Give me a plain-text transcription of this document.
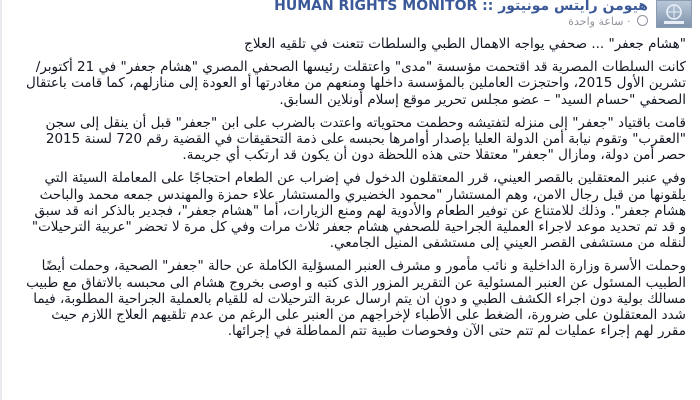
هيومن رايتس مونيتور :: HUMAN RIGHTS MONITOR
· ساعة واحدة

"هشام جعفر" ... صحفي يواجه الاهمال الطبي والسلطات تتعنت في تلقيه العلاج

كانت السلطات المصرية قد اقتحمت مؤسسة "مدى" واعتقلت رئيسها الصحفي المصري "هشام جعفر" في 21 أكتوبر/تشرين الأول 2015، واحتجزت العاملين بالمؤسسة داخلها ومنعهم من مغادرتها أو العودة إلى منازلهم، كما قامت باعتقال الصحفي "حسام السيد" – عضو مجلس تحرير موقع إسلام أونلاين السابق.

قامت باقتياد "جعفر" إلى منزله لتفتيشه وحطمت محتوياته واعتدت بالضرب على ابن "جعفر" قبل أن ينقل إلى سجن "العقرب" وتقوم نيابة أمن الدولة العليا بإصدار أوامرها بحبسه على ذمة التحقيقات في القضية رقم 720 لسنة 2015 حصر أمن دولة، ومازال "جعفر" معتقلا حتى هذه اللحظة دون أن يكون قد ارتكب أي جريمة.

وفي عنبر المعتقلين بالقصر العيني، قرر المعتقلون الدخول في إضراب عن الطعام احتجاجًا على المعاملة السيئة التي يلقونها من قبل رجال الامن، وهم المستشار "محمود الخضيري والمستشار علاء حمزة والمهندس جمعه محمد والباحث هشام جعفر". وذلك للامتناع عن توفير الطعام والأدوية لهم ومنع الزيارات، أما "هشام جعفر"، فجدير بالذكر انه قد سبق و قد تم تحديد موعد لاجراء العملية الجراحية للصحفي هشام جعفر ثلاث مرات وفي كل مرة لا تحضر "عربية الترحيلات" لنقله من مستشفى القصر العيني إلى مستشفى المنيل الجامعي.

وحملت الأسرة وزارة الداخلية و نائب مأمور و مشرف العنبر المسؤلية الكاملة عن حالة "جعفر" الصحية، وحملت أيضًا الطبيب المسئول عن العنبر المسئولية عن التقرير المزور الذى كتبه و اوصى بخروج هشام الى محبسه بالاتفاق مع طبيب مسالك بولية دون اجراء الكشف الطبي و دون ان يتم ارسال عربة الترحيلات له للقيام بالعملية الجراحية المطلوبة، فيما شدد المعتقلون على ضرورة، الضغط على الأطباء لإخراجهم من العنبر على الرغم من عدم تلقيهم العلاج اللازم حيث مقرر لهم إجراء عمليات لم تتم حتى الآن وفحوصات طبية تتم المماطلة في إجرائها.
